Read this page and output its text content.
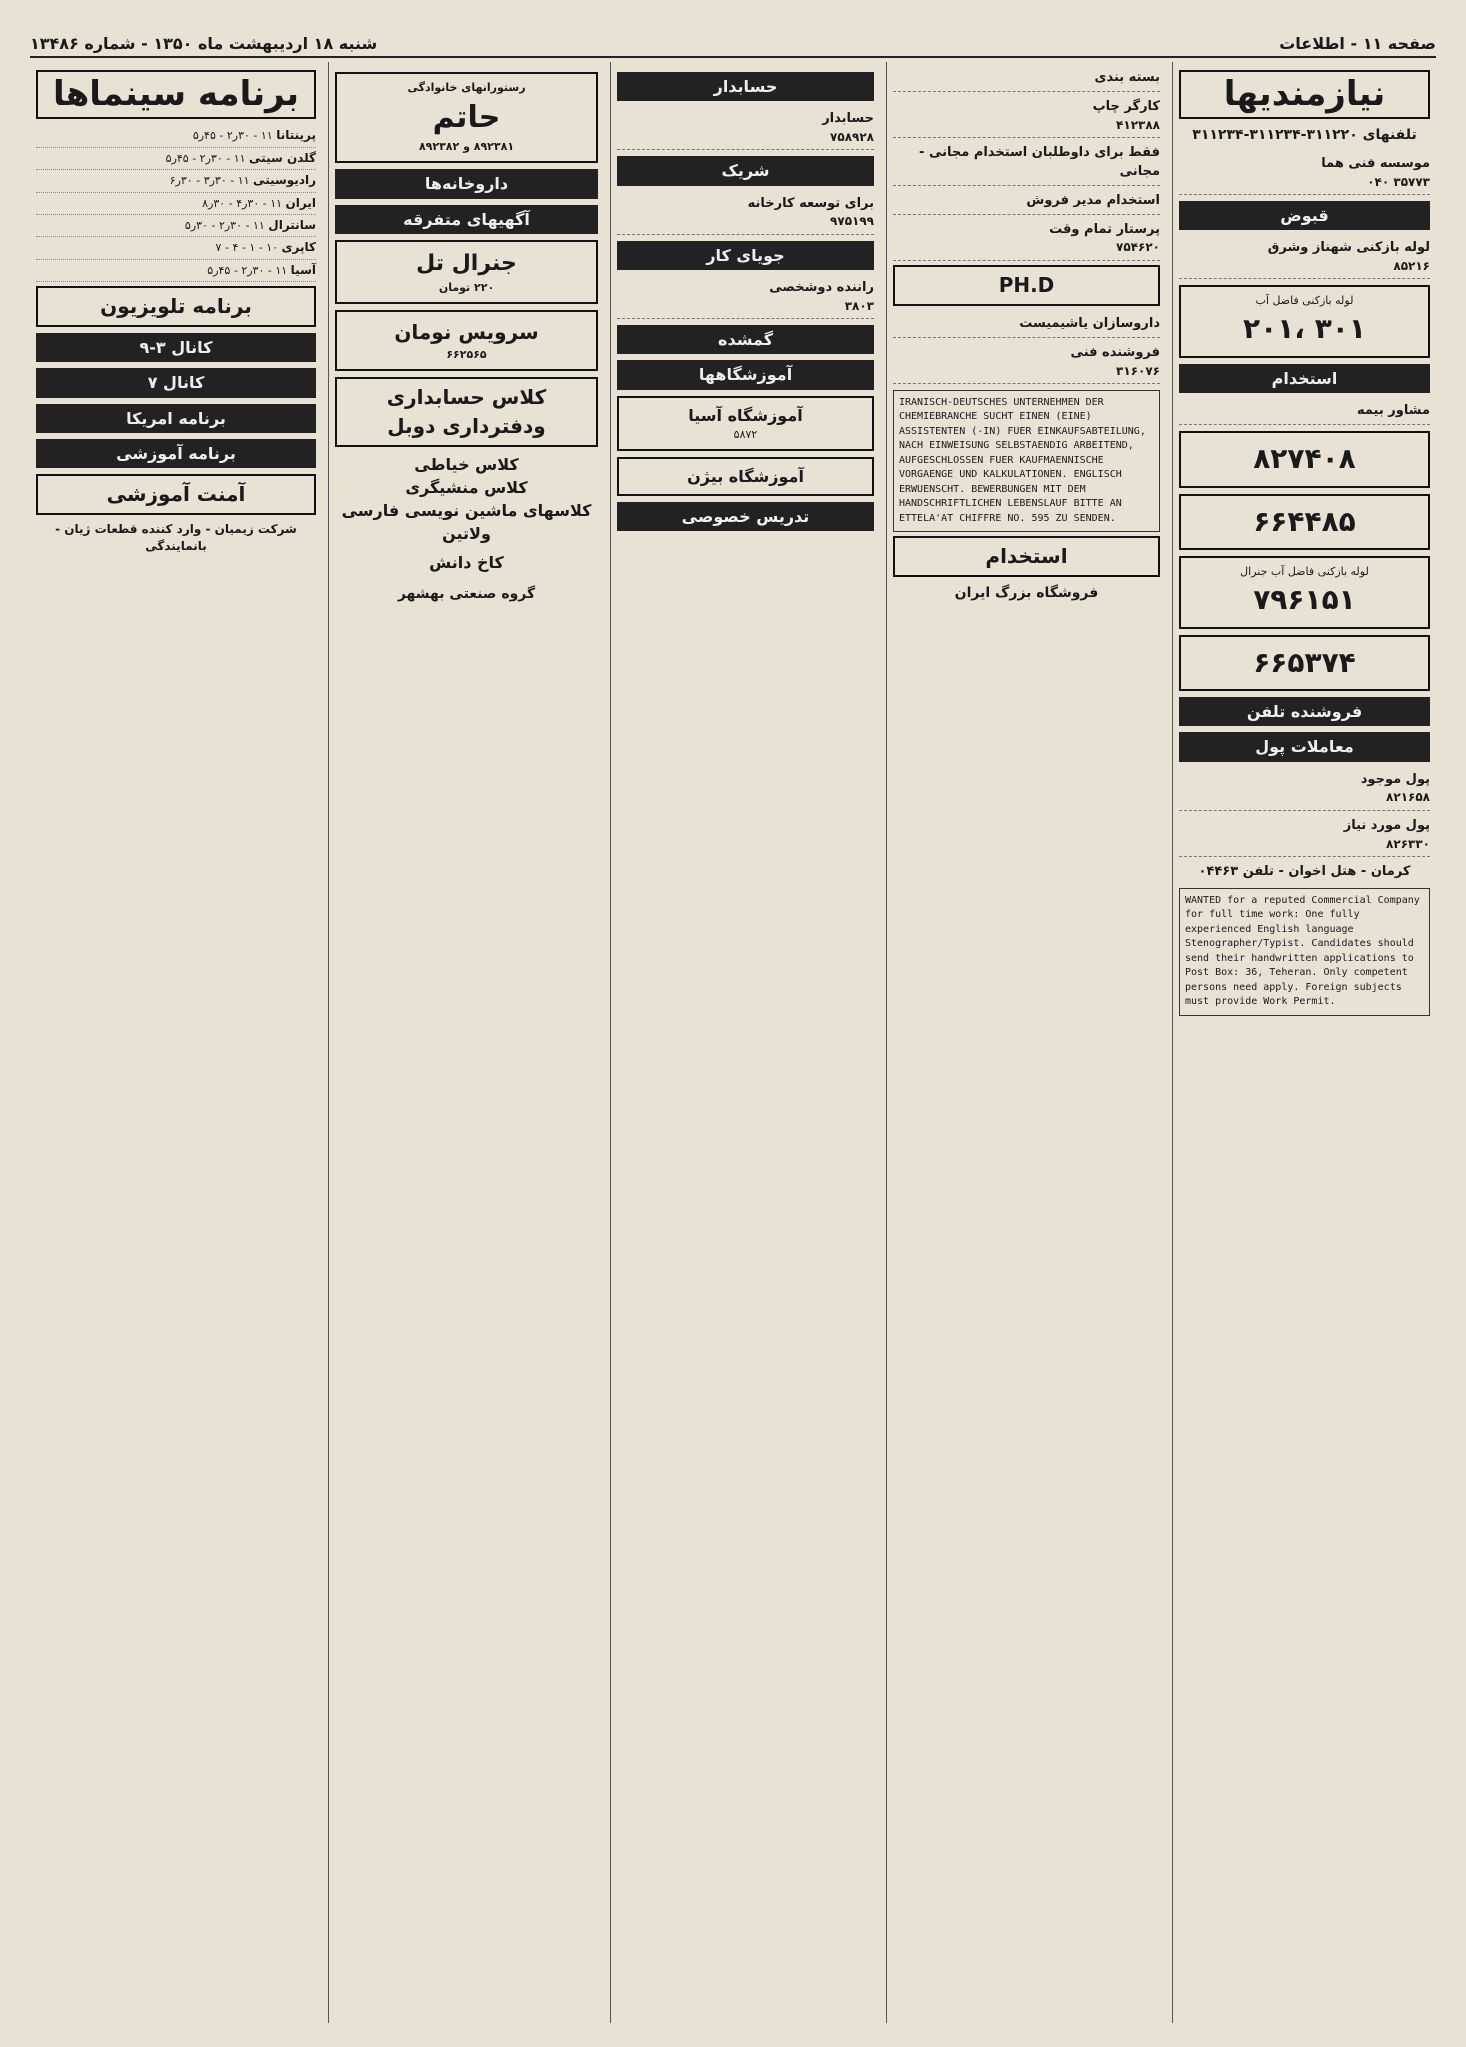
صفحه ۱۱ - اطلاعات
شنبه ۱۸ اردیبهشت ماه ۱۳۵۰ - شماره ۱۳۴۸۶
نیازمندیها
تلفنهای ۳۱۱۲۲۰-۳۱۱۲۳۴-۳۱۱۲۳۴
موسسه فنی هما
۳۵۷۷۳ ۰۴۰
قبوض
لوله بازکنی شهناز وشرق
۸۵۲۱۶
لوله بازکنی فاضل آب
۳۰۱ ،۲۰۱
استخدام
مشاور بیمه
۸۲۷۴۰۸
۶۶۴۴۸۵
لوله بازکنی فاضل آب جنرال
۷۹۶۱۵۱
۶۶۵۳۷۴
فروشنده تلفن
معاملات پول
پول موجود
۸۲۱۶۵۸
پول مورد نیاز
۸۲۶۳۳۰
کرمان - هتل اخوان - تلفن ۰۴۴۶۳
WANTED for a reputed Commercial Company for full time work: One fully experienced English language Stenographer/Typist. Candidates should send their handwritten applications to Post Box: 36, Teheran. Only competent persons need apply. Foreign subjects must provide Work Permit.
بسته بندی
کارگر چاپ
۴۱۲۳۸۸
فقط برای داوطلبان استخدام مجانی - مجانی
استخدام مدیر فروش
پرستار تمام وقت
۷۵۴۶۲۰
PH.D
داروسازان یاشیمیست
فروشنده فنی
۳۱۶۰۷۶
IRANISCH-DEUTSCHES UNTERNEHMEN DER CHEMIEBRANCHE SUCHT EINEN (EINE) ASSISTENTEN (-IN) FUER EINKAUFSABTEILUNG, NACH EINWEISUNG SELBSTAENDIG ARBEITEND, AUFGESCHLOSSEN FUER KAUFMAENNISCHE VORGAENGE UND KALKULATIONEN. ENGLISCH ERWUENSCHT. BEWERBUNGEN MIT DEM HANDSCHRIFTLICHEN LEBENSLAUF BITTE AN ETTELA'AT CHIFFRE NO. 595 ZU SENDEN.
استخدام
فروشگاه بزرگ ایران
حسابدار
حسابدار
۷۵۸۹۲۸
شریک
برای توسعه کارخانه
۹۷۵۱۹۹
جویای کار
راننده دوشخصی
۳۸۰۳
گمشده
آموزشگاهها
آموزشگاه آسیا
۵۸۷۲
آموزشگاه بیژن
تدریس خصوصی
رستورانهای خانوادگی
حاتم
۸۹۲۳۸۱ و ۸۹۲۳۸۲
داروخانه‌ها
آگهیهای متفرقه
جنرال تل
۲۲۰ تومان
سرویس نومان
۶۶۲۵۶۵
کلاس حسابداری ودفترداری دوبل
کلاس خیاطی
کلاس منشیگری
کلاسهای ماشین نویسی فارسی ولاتین
کاخ دانش
گروه صنعتی بهشهر
برنامه سینماها
پرینتانا ۱۱ - ۳۰ر۲ - ۴۵ر۵
گلدن سیتی ۱۱ - ۳۰ر۲ - ۴۵ر۵
رادیوسیتی ۱۱ - ۳۰ر۳ - ۳۰ر۶
ایران ۱۱ - ۳۰ر۴ - ۳۰ر۸
سانترال ۱۱ - ۳۰ر۲ - ۳۰ر۵
کاپری ۱۰ - ۱ - ۴ - ۷
آسیا ۱۱ - ۳۰ر۲ - ۴۵ر۵
برنامه تلویزیون
کانال ۳-۹
کانال ۷
برنامه امریکا
برنامه آموزشی
آمنت آموزشی
شرکت زیمیان - وارد کننده قطعات ژیان - بانمایندگی
